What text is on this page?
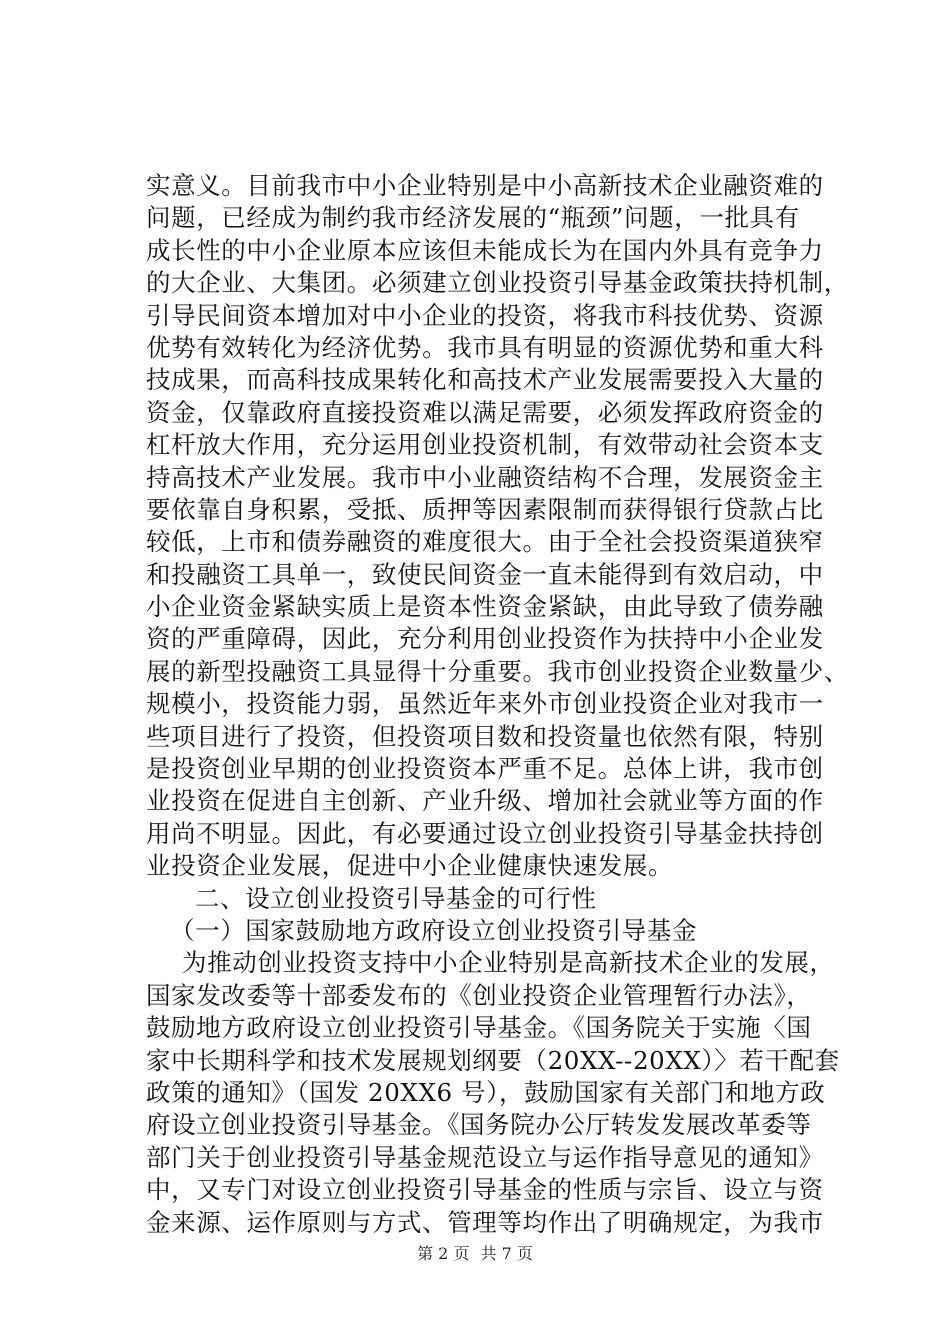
实意义。目前我市中小企业特别是中小高新技术企业融资难的
问题，已经成为制约我市经济发展的“瓶颈”问题，一批具有
成长性的中小企业原本应该但未能成长为在国内外具有竞争力
的大企业、大集团。必须建立创业投资引导基金政策扶持机制，
引导民间资本增加对中小企业的投资，将我市科技优势、资源
优势有效转化为经济优势。我市具有明显的资源优势和重大科
技成果，而高科技成果转化和高技术产业发展需要投入大量的
资金，仅靠政府直接投资难以满足需要，必须发挥政府资金的
杠杆放大作用，充分运用创业投资机制，有效带动社会资本支
持高技术产业发展。我市中小业融资结构不合理，发展资金主
要依靠自身积累，受抵、质押等因素限制而获得银行贷款占比
较低，上市和债券融资的难度很大。由于全社会投资渠道狭窄
和投融资工具单一，致使民间资金一直未能得到有效启动，中
小企业资金紧缺实质上是资本性资金紧缺，由此导致了债券融
资的严重障碍，因此，充分利用创业投资作为扶持中小企业发
展的新型投融资工具显得十分重要。我市创业投资企业数量少、
规模小，投资能力弱，虽然近年来外市创业投资企业对我市一
些项目进行了投资，但投资项目数和投资量也依然有限，特别
是投资创业早期的创业投资资本严重不足。总体上讲，我市创
业投资在促进自主创新、产业升级、增加社会就业等方面的作
用尚不明显。因此，有必要通过设立创业投资引导基金扶持创
业投资企业发展，促进中小企业健康快速发展。
二、设立创业投资引导基金的可行性
（一）国家鼓励地方政府设立创业投资引导基金
为推动创业投资支持中小企业特别是高新技术企业的发展，
国家发改委等十部委发布的《创业投资企业管理暂行办法》，
鼓励地方政府设立创业投资引导基金。《国务院关于实施〈国
家中长期科学和技术发展规划纲要（20XX--20XX）〉若干配套
政策的通知》（国发 20XX6 号），鼓励国家有关部门和地方政
府设立创业投资引导基金。《国务院办公厅转发发展改革委等
部门关于创业投资引导基金规范设立与运作指导意见的通知》
中，又专门对设立创业投资引导基金的性质与宗旨、设立与资
金来源、运作原则与方式、管理等均作出了明确规定，为我市
第 2 页 共 7 页
